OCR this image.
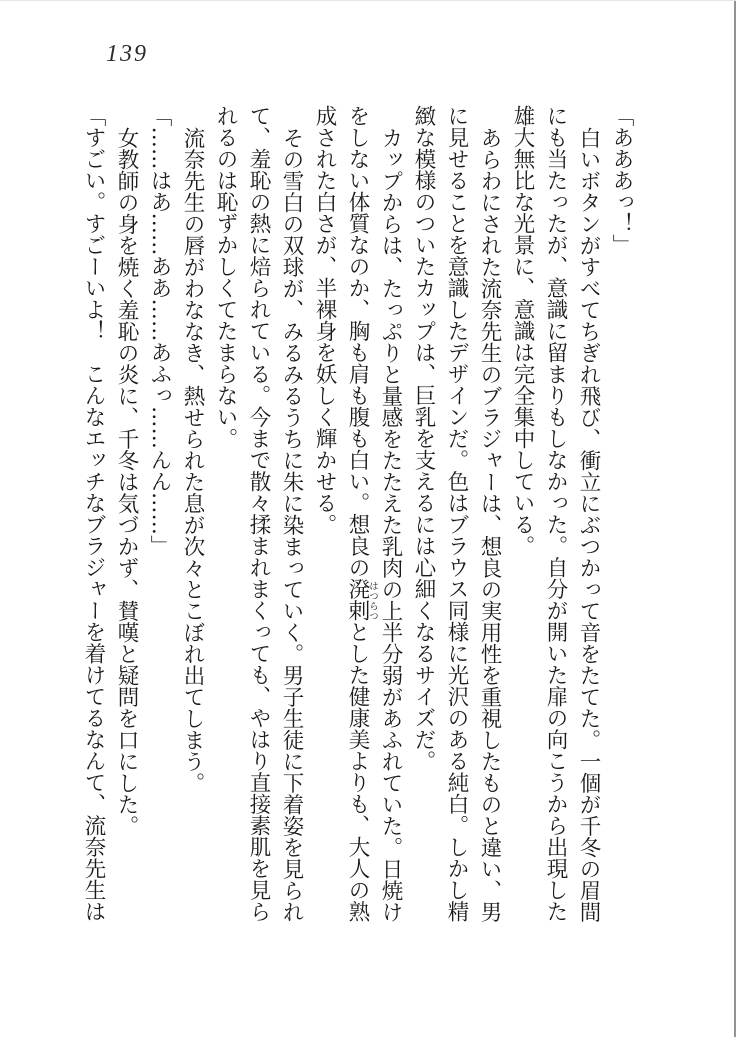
139

「あああっ！」

白いボタンがすべてちぎれ飛び、衝立にぶつかって音をたてた。一個が千冬の眉間にも当たったが、意識に留まりもしなかった。自分が開いた扉の向こうから出現した雄大無比な光景に、意識は完全集中している。

あらわにされた流奈先生のブラジャーは、想良の実用性を重視したものと違い、男に見せることを意識したデザインだ。色はブラウス同様に光沢のある純白。しかし精緻な模様のついたカップは、巨乳を支えるには心細くなるサイズだ。

カップからは、たっぷりと量感をたたえた乳肉の上半分弱があふれていた。日焼けをしない体質なのか、胸も肩も腹も白い。想良の溌剌とした健康美よりも、大人の熟成された白さが、半裸身を妖しく輝かせる。

その雪白の双球が、みるみるうちに朱に染まっていく。男子生徒に下着姿を見られて、羞恥の熱に焙られている。今まで散々揉まれまくっても、やはり直接素肌を見られるのは恥ずかしくてたまらない。

流奈先生の唇がわななき、熱せられた息が次々とこぼれ出てしまう。

「……はあ……ああ……あふっ……んん……」

女教師の身を焼く羞恥の炎に、千冬は気づかず、賛嘆と疑問を口にした。

「すごい。すごーいよ！　こんなエッチなブラジャーを着けてるなんて、流奈先生は	はつらつ
